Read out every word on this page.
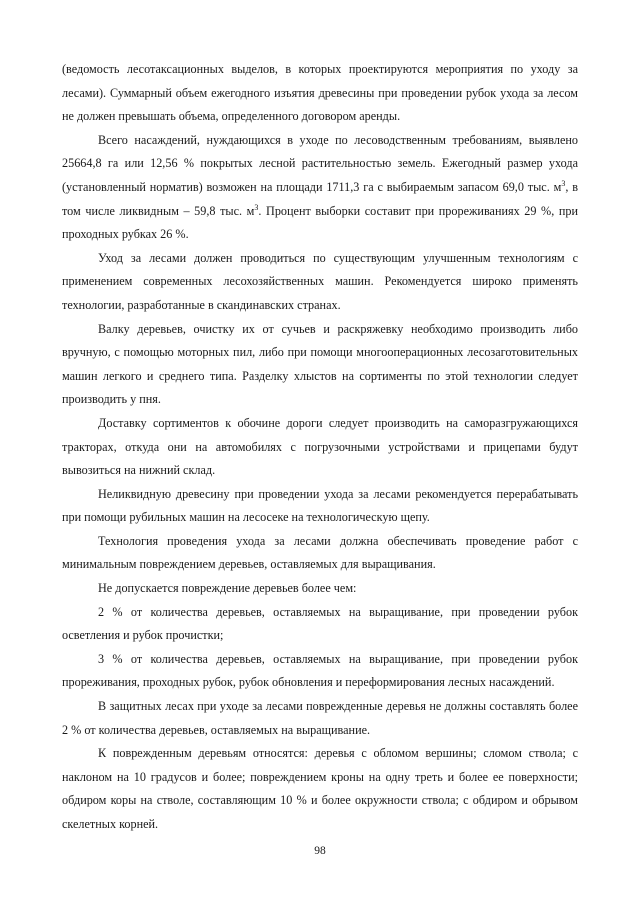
(ведомость лесотаксационных выделов, в которых проектируются мероприятия по уходу за лесами). Суммарный объем ежегодного изъятия древесины при проведении рубок ухода за лесом не должен превышать объема, определенного договором аренды.

Всего насаждений, нуждающихся в уходе по лесоводственным требованиям, выявлено 25664,8 га или 12,56 % покрытых лесной растительностью земель. Ежегодный размер ухода (установленный норматив) возможен на площади 1711,3 га с выбираемым запасом 69,0 тыс. $м^3$, в том числе ликвидным – 59,8 тыс. $м^3$. Процент выборки составит при прореживаниях 29 %, при проходных рубках 26 %.

Уход за лесами должен проводиться по существующим улучшенным технологиям с применением современных лесохозяйственных машин. Рекомендуется широко применять технологии, разработанные в скандинавских странах.

Валку деревьев, очистку их от сучьев и раскряжевку необходимо производить либо вручную, с помощью моторных пил, либо при помощи многооперационных лесозаготовительных машин легкого и среднего типа. Разделку хлыстов на сортименты по этой технологии следует производить у пня.

Доставку сортиментов к обочине дороги следует производить на саморазгружающихся тракторах, откуда они на автомобилях с погрузочными устройствами и прицепами будут вывозиться на нижний склад.

Неликвидную древесину при проведении ухода за лесами рекомендуется перерабатывать при помощи рубильных машин на лесосеке на технологическую щепу.

Технология проведения ухода за лесами должна обеспечивать проведение работ с минимальным повреждением деревьев, оставляемых для выращивания.

Не допускается повреждение деревьев более чем:

2 % от количества деревьев, оставляемых на выращивание, при проведении рубок осветления и рубок прочистки;

3 % от количества деревьев, оставляемых на выращивание, при проведении рубок прореживания, проходных рубок, рубок обновления и переформирования лесных насаждений.

В защитных лесах при уходе за лесами поврежденные деревья не должны составлять более 2 % от количества деревьев, оставляемых на выращивание.

К поврежденным деревьям относятся: деревья с обломом вершины; сломом ствола; с наклоном на 10 градусов и более; повреждением кроны на одну треть и более ее поверхности; обдиром коры на стволе, составляющим 10 % и более окружности ствола; с обдиром и обрывом скелетных корней.

98
